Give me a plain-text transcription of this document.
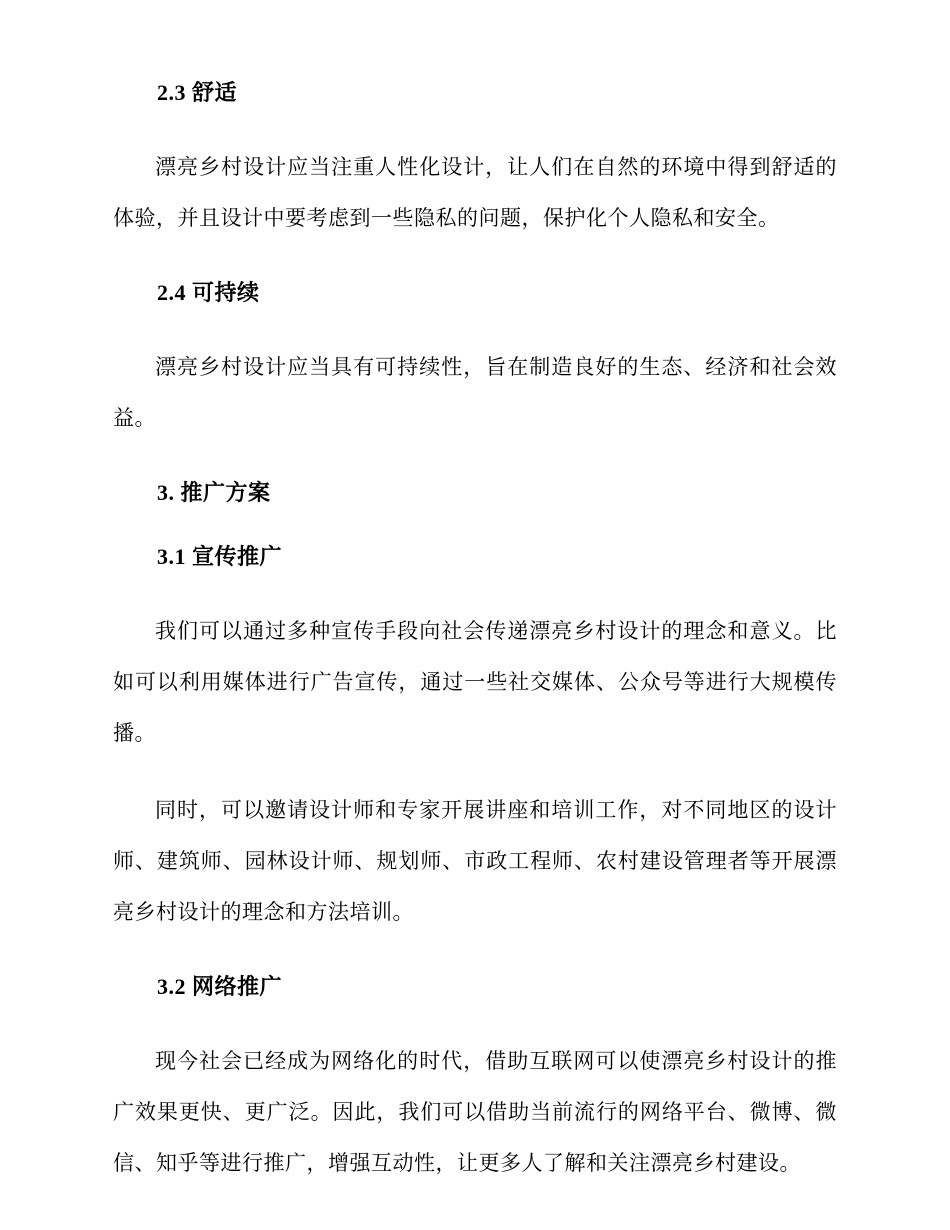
2.3 舒适

漂亮乡村设计应当注重人性化设计，让人们在自然的环境中得到舒适的体验，并且设计中要考虑到一些隐私的问题，保护化个人隐私和安全。

2.4 可持续

漂亮乡村设计应当具有可持续性，旨在制造良好的生态、经济和社会效益。

3. 推广方案
3.1 宣传推广

我们可以通过多种宣传手段向社会传递漂亮乡村设计的理念和意义。比如可以利用媒体进行广告宣传，通过一些社交媒体、公众号等进行大规模传播。

同时，可以邀请设计师和专家开展讲座和培训工作，对不同地区的设计师、建筑师、园林设计师、规划师、市政工程师、农村建设管理者等开展漂亮乡村设计的理念和方法培训。

3.2 网络推广

现今社会已经成为网络化的时代，借助互联网可以使漂亮乡村设计的推广效果更快、更广泛。因此，我们可以借助当前流行的网络平台、微博、微信、知乎等进行推广，增强互动性，让更多人了解和关注漂亮乡村建设。
